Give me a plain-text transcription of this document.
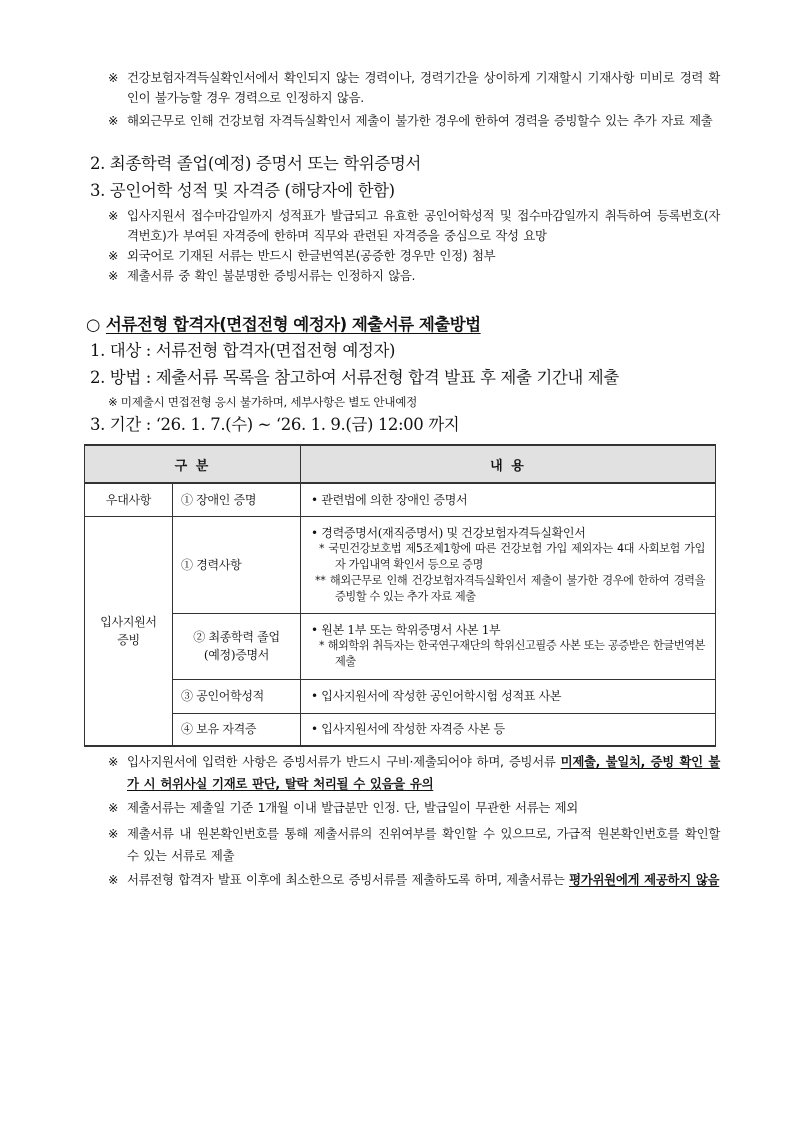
※ 건강보험자격득실확인서에서 확인되지 않는 경력이나, 경력기간을 상이하게 기재할시 기재사항 미비로 경력 확인이 불가능할 경우 경력으로 인정하지 않음.
※ 해외근무로 인해 건강보험 자격득실확인서 제출이 불가한 경우에 한하여 경력을 증빙할수 있는 추가 자료 제출
2. 최종학력 졸업(예정) 증명서 또는 학위증명서
3. 공인어학 성적 및 자격증 (해당자에 한함)
※ 입사지원서 접수마감일까지 성적표가 발급되고 유효한 공인어학성적 및 접수마감일까지 취득하여 등록번호(자격번호)가 부여된 자격증에 한하며 직무와 관련된 자격증을 중심으로 작성 요망
※ 외국어로 기재된 서류는 반드시 한글번역본(공증한 경우만 인정) 첨부
※ 제출서류 중 확인 불분명한 증빙서류는 인정하지 않음.
○ 서류전형 합격자(면접전형 예정자) 제출서류 제출방법
1. 대상 : 서류전형 합격자(면접전형 예정자)
2. 방법 : 제출서류 목록을 참고하여 서류전형 합격 발표 후 제출 기간내 제출
※ 미제출시 면접전형 응시 불가하며, 세부사항은 별도 안내예정
3. 기간 : ‘26. 1. 7.(수) ~ ‘26. 1. 9.(금) 12:00 까지
구 분		내 용
우대사항	① 장애인 증명	• 관련법에 의한 장애인 증명서

입사지원서
증빙	① 경력사항	• 경력증명서(재직증명서) 및 건강보험자격득실확인서
* 국민건강보호법 제5조제1항에 따른 건강보험 가입 제외자는 4대 사회보험 가입자 가입내역 확인서 등으로 증명
** 해외근무로 인해 건강보험자격득실확인서 제출이 불가한 경우에 한하여 경력을 증빙할 수 있는 추가 자료 제출

	② 최종학력 졸업
(예정)증명서	• 원본 1부 또는 학위증명서 사본 1부
* 해외학위 취득자는 한국연구재단의 학위신고필증 사본 또는 공증받은 한글번역본 제출

	③ 공인어학성적	• 입사지원서에 작성한 공인어학시험 성적표 사본

	④ 보유 자격증	• 입사지원서에 작성한 자격증 사본 등
※ 입사지원서에 입력한 사항은 증빙서류가 반드시 구비·제출되어야 하며, 증빙서류 미제출, 불일치, 증빙 확인 불가 시 허위사실 기재로 판단, 탈락 처리될 수 있음을 유의
※ 제출서류는 제출일 기준 1개월 이내 발급분만 인정. 단, 발급일이 무관한 서류는 제외
※ 제출서류 내 원본확인번호를 통해 제출서류의 진위여부를 확인할 수 있으므로, 가급적 원본확인번호를 확인할 수 있는 서류로 제출
※ 서류전형 합격자 발표 이후에 최소한으로 증빙서류를 제출하도록 하며, 제출서류는 평가위원에게 제공하지 않음
